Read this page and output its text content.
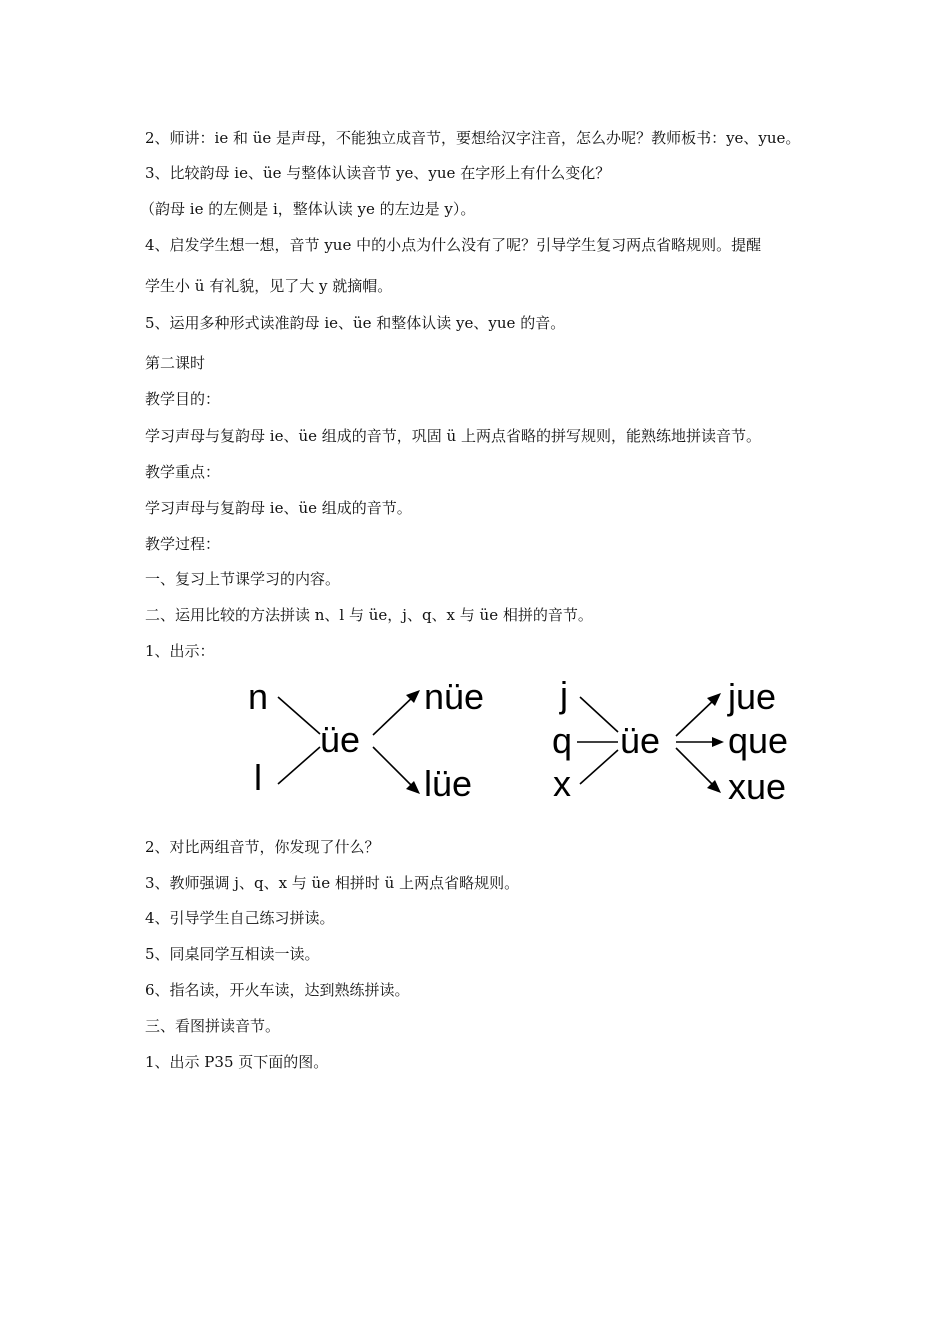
2、师讲：ie 和 üe 是声母，不能独立成音节，要想给汉字注音，怎么办呢？教师板书：ye、yue。

3、比较韵母 ie、üe 与整体认读音节 ye、yue 在字形上有什么变化？

（韵母 ie 的左侧是 i，整体认读 ye 的左边是 y）。

4、启发学生想一想，音节 yue 中的小点为什么没有了呢？引导学生复习两点省略规则。提醒

学生小 ü 有礼貌，见了大 y 就摘帽。

5、运用多种形式读准韵母 ie、üe 和整体认读 ye、yue 的音。

第二课时

教学目的：

学习声母与复韵母 ie、üe 组成的音节，巩固 ü 上两点省略的拼写规则，能熟练地拼读音节。

教学重点：

学习声母与复韵母 ie、üe 组成的音节。

教学过程：

一、复习上节课学习的内容。

二、运用比较的方法拼读 n、l 与 üe，j、q、x 与 üe 相拼的音节。

1、出示：

n
l
üe
nüe
lüe
j
q
x
üe
jue
que
xue

2、对比两组音节，你发现了什么？

3、教师强调 j、q、x 与 üe 相拼时 ü 上两点省略规则。

4、引导学生自己练习拼读。

5、同桌同学互相读一读。

6、指名读，开火车读，达到熟练拼读。

三、看图拼读音节。

1、出示 P35 页下面的图。
